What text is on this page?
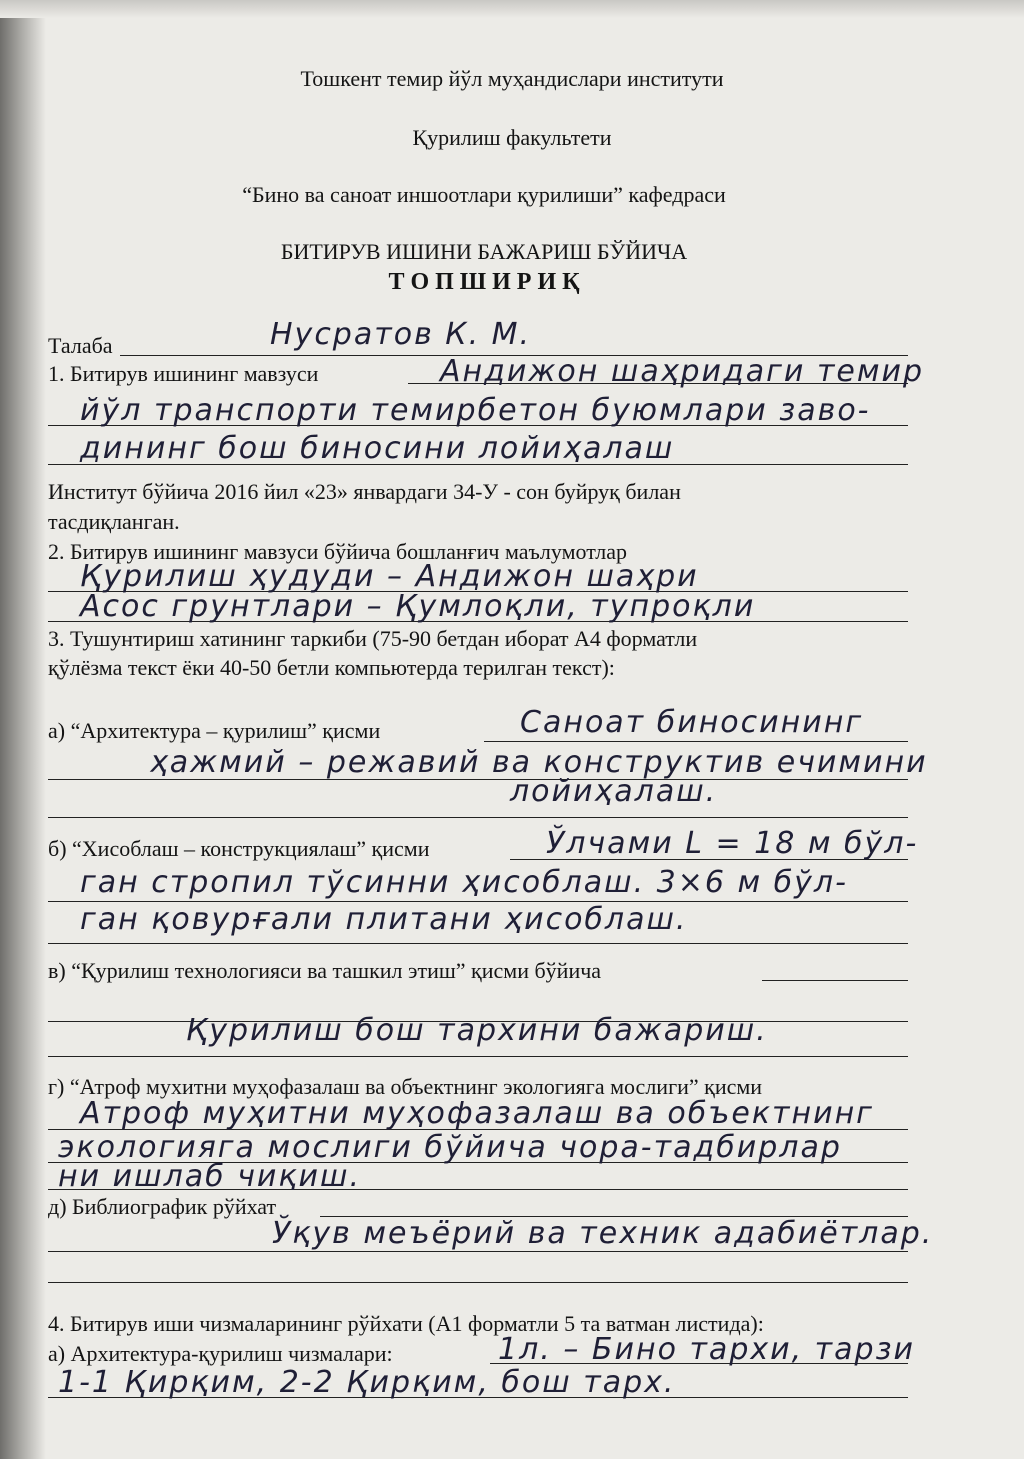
Тошкент темир йўл муҳандислари институти
Қурилиш факультети
“Бино ва саноат иншоотлари қурилиши” кафедраси
БИТИРУВ ИШИНИ БАЖАРИШ БЎЙИЧА
Т О П Ш И Р И Қ
Талаба	Нусратов К. М.
1. Битирув ишининг мавзуси	Андижон шаҳридаги темир
йўл транспорти темирбетон буюмлари заво-
дининг бош биносини лойиҳалаш
Институт бўйича 2016 йил «23» январдаги 34-У - сон буйруқ билан
тасдиқланган.
2. Битирув ишининг мавзуси бўйича бошланғич маълумотлар
Қурилиш ҳудуди – Андижон шаҳри
Асос грунтлари – Қумлоқли, тупроқли
3. Тушунтириш хатининг таркиби (75-90 бетдан иборат А4 форматли
қўлёзма текст ёки 40-50 бетли компьютерда терилган текст):
а) “Архитектура – қурилиш” қисми	Саноат биносининг
ҳажмий – режавий ва конструктив ечимини
лойиҳалаш.
б) “Хисоблаш – конструкциялаш” қисми	Ўлчами L = 18 м бўл-
ган стропил тўсинни ҳисоблаш. 3×6 м бўл-
ган қовурғали плитани ҳисоблаш.
в) “Қурилиш технологияси ва ташкил этиш” қисми бўйича
Қурилиш бош тархини бажариш.
г) “Атроф мухитни муҳофазалаш ва объектнинг экологияга мослиги” қисми
Атроф муҳитни муҳофазалаш ва объектнинг
экологияга мослиги бўйича чора-тадбирлар
ни ишлаб чиқиш.
д) Библиографик рўйхат
Ўқув меъёрий ва техник адабиётлар.
4. Битирув иши чизмаларининг рўйхати (А1 форматли 5 та ватман листида):
а) Архитектура-қурилиш чизмалари:	1л. – Бино тархи, тарзи
1-1 Қирқим, 2-2 Қирқим, бош тарх.
